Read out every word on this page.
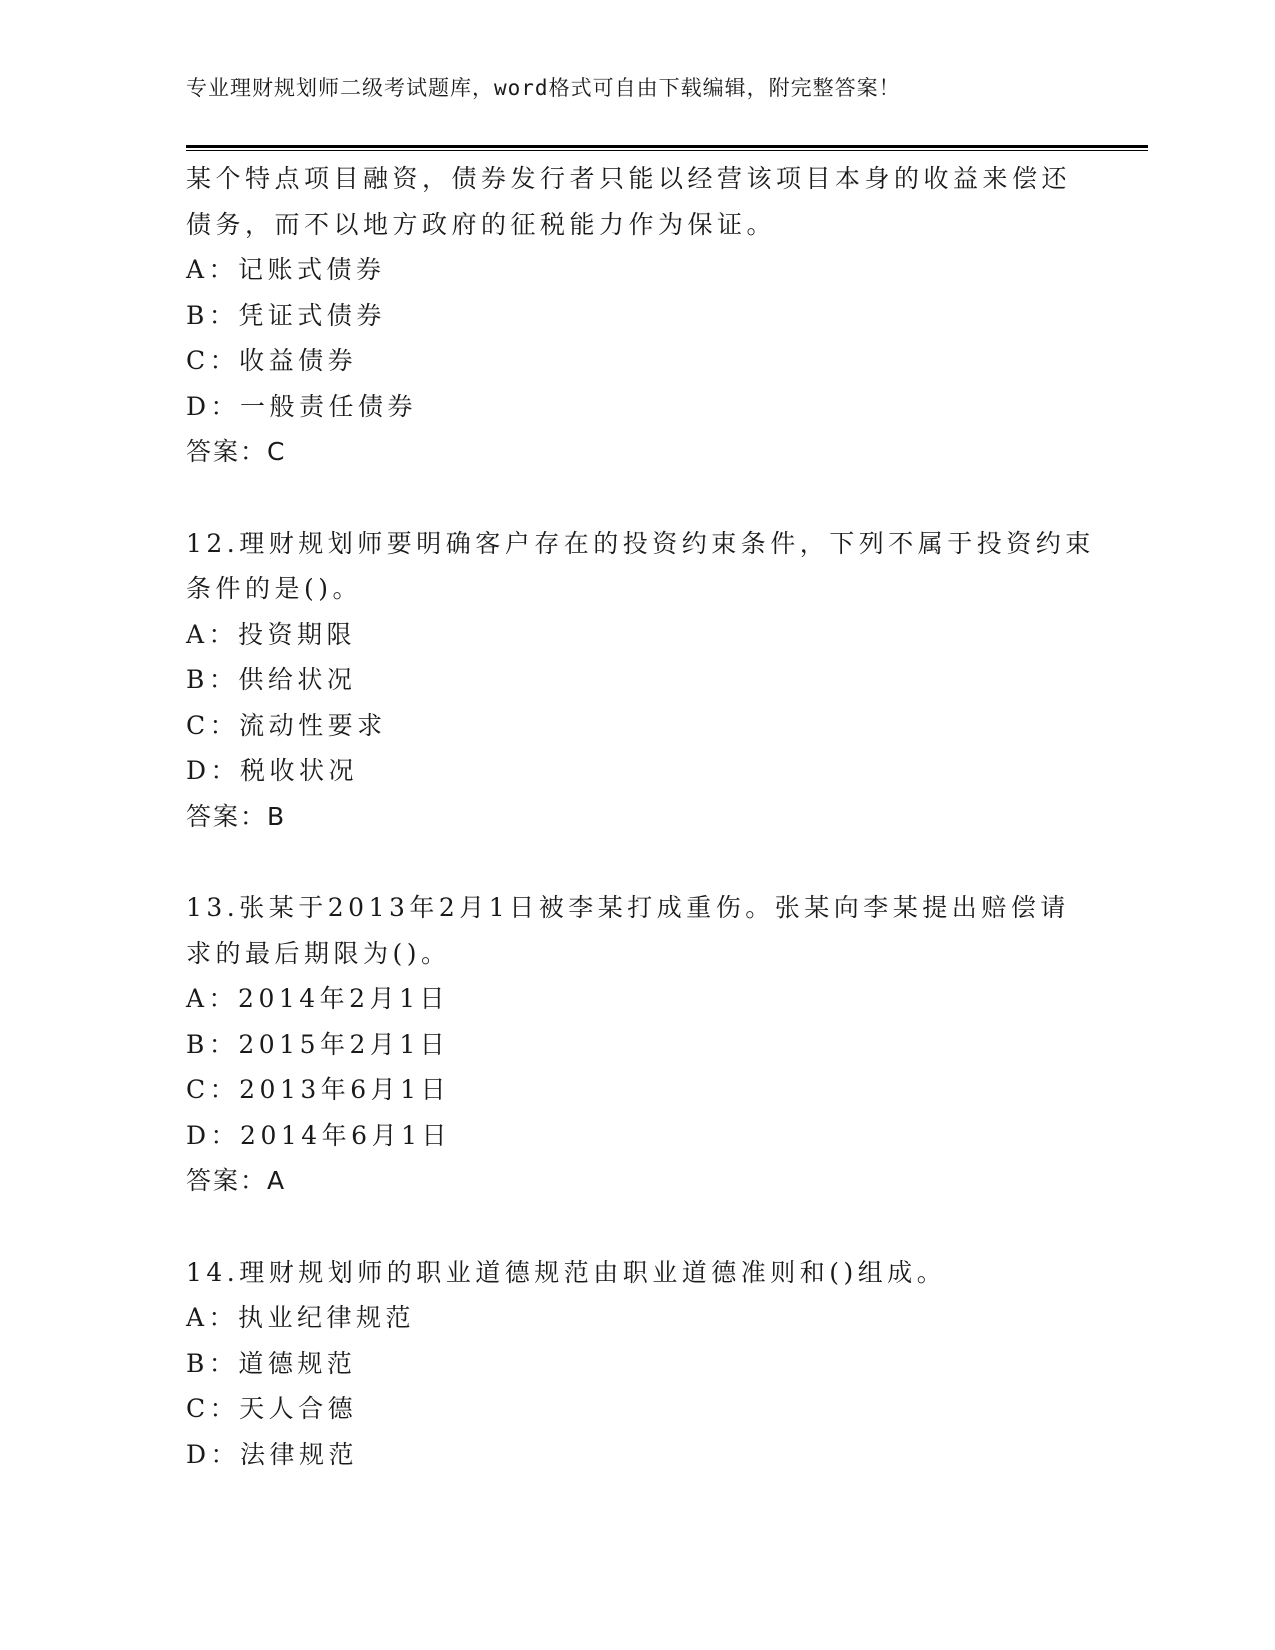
专业理财规划师二级考试题库，word格式可自由下载编辑，附完整答案！
某个特点项目融资，债券发行者只能以经营该项目本身的收益来偿还
债务，而不以地方政府的征税能力作为保证。
A：记账式债券
B：凭证式债券
C：收益债券
D：一般责任债券
答案：C
12.理财规划师要明确客户存在的投资约束条件，下列不属于投资约束
条件的是()。
A：投资期限
B：供给状况
C：流动性要求
D：税收状况
答案：B
13.张某于2013年2月1日被李某打成重伤。张某向李某提出赔偿请
求的最后期限为()。
A：2014年2月1日
B：2015年2月1日
C：2013年6月1日
D：2014年6月1日
答案：A
14.理财规划师的职业道德规范由职业道德准则和()组成。
A：执业纪律规范
B：道德规范
C：天人合德
D：法律规范
